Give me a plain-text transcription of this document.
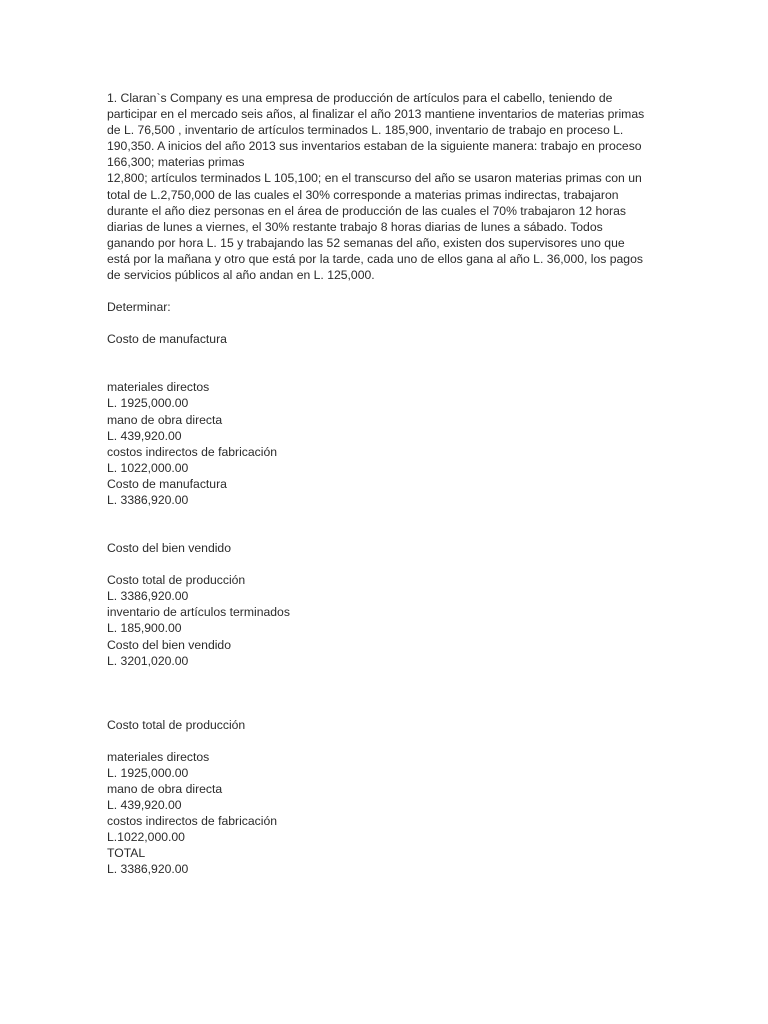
1. Claran`s Company es una empresa de producción de artículos para el cabello, teniendo de
participar en el mercado seis años, al finalizar el año 2013 mantiene inventarios de materias primas
de L. 76,500 , inventario de artículos terminados L. 185,900, inventario de trabajo en proceso L.
190,350. A inicios del año 2013 sus inventarios estaban de la siguiente manera: trabajo en proceso
166,300; materias primas
12,800; artículos terminados L 105,100; en el transcurso del año se usaron materias primas con un
total de L.2,750,000 de las cuales el 30% corresponde a materias primas indirectas, trabajaron
durante el año diez personas en el área de producción de las cuales el 70% trabajaron 12 horas
diarias de lunes a viernes, el 30% restante trabajo 8 horas diarias de lunes a sábado. Todos
ganando por hora L. 15 y trabajando las 52 semanas del año, existen dos supervisores uno que
está por la mañana y otro que está por la tarde, cada uno de ellos gana al año L. 36,000, los pagos
de servicios públicos al año andan en L. 125,000.
Determinar:
Costo de manufactura
materiales directos
L. 1925,000.00
mano de obra directa
L. 439,920.00
costos indirectos de fabricación
L. 1022,000.00
Costo de manufactura
L. 3386,920.00
Costo del bien vendido
Costo total de producción
L. 3386,920.00
inventario de artículos terminados
L. 185,900.00
Costo del bien vendido
L. 3201,020.00
Costo total de producción
materiales directos
L. 1925,000.00
mano de obra directa
L. 439,920.00
costos indirectos de fabricación
L.1022,000.00
TOTAL
L. 3386,920.00
